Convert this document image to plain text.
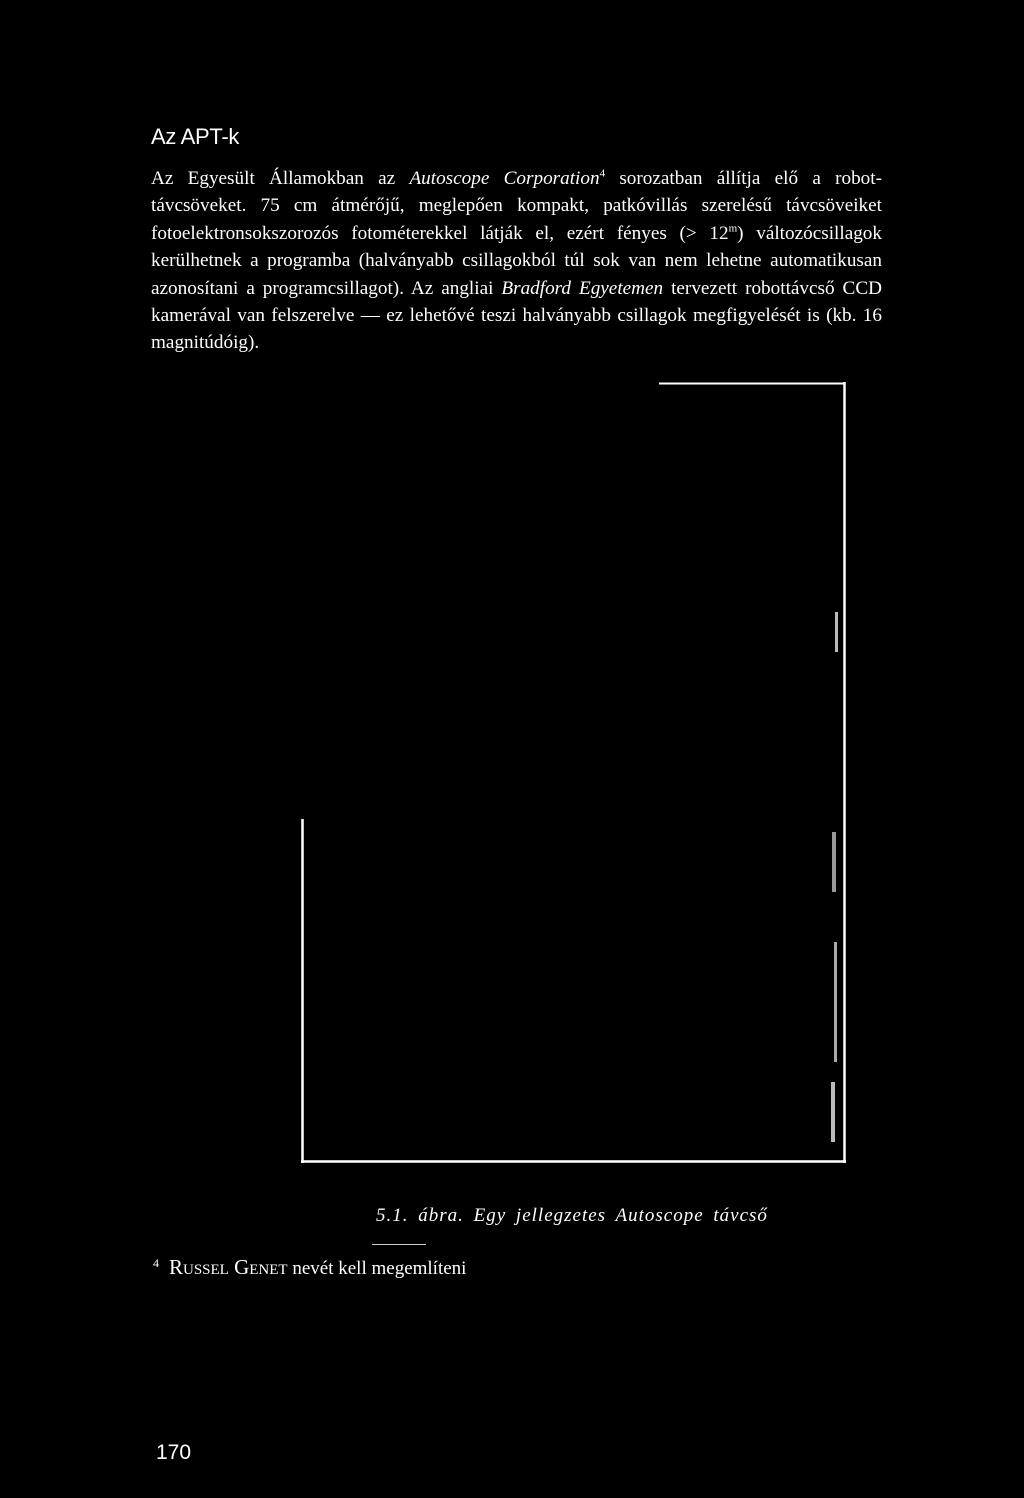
Az APT-k

Az Egyesült Államokban az Autoscope Corporation$^4$ sorozatban állítja elő a robot-távcsöveket. 75 cm átmérőjű, meglepően kompakt, patkóvillás szerelésű távcsöveiket fotoelektronsokszorozós fotométerekkel látják el, ezért fényes (> $12^m$) változócsillagok kerülhetnek a programba (halványabb csillagokból túl sok van nem lehetne automatikusan azonosítani a programcsillagot). Az angliai Bradford Egyetemen tervezett robottávcső CCD kamerával van felszerelve — ez lehetővé teszi halványabb csillagok megfigyelését is (kb. 16 magnitúdóig).

5.1. ábra. Egy jellegzetes Autoscope távcső
$^4$ Russel Genet nevét kell megemlíteni
170
